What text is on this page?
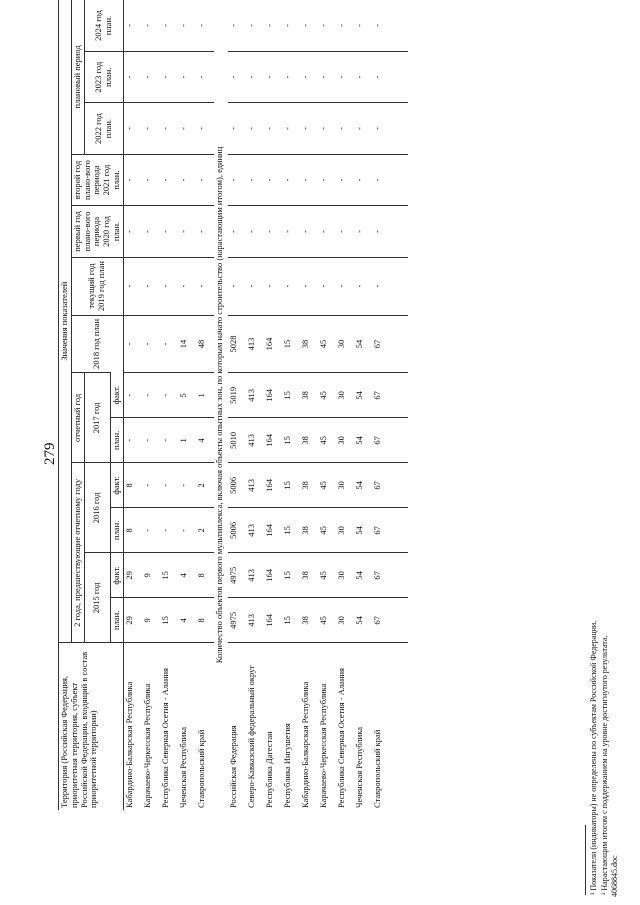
279
Территория (Российская Федерация, приоритетная территория, субъект Российской Федерации, входящий в состав приоритетной территории)	Значения показателей												
	2 года, предшествующие отчетному году				отчетный год		2018 год план	текущий год 2019 год план	первый год плано-вого периода 2020 год план.	второй год плано-вого периода 2021 год план.	плановый период		
	2015 год		2016 год		2017 год						2022 год план.	2023 год план.	2024 год план.
	план.	факт.	план.	факт.	план.	факт.							
Кабардино-Балкарская Республика	29	29	8	8	-	-	-	-	-	-	-	-	-
Карачаево-Черкесская Республика	9	9	-	-	-	-	-	-	-	-	-	-	-
Республика Северная Осетия - Алания	15	15	-	-	-	-	-	-	-	-	-	-	-
Чеченская Республика	4	4	-	-	1	5	14	-	-	-	-	-	-
Ставропольский край	8	8	2	2	4	1	48	-	-	-	-	-	-
Количество объектов первого мультиплекса, включая объекты опытных зон, по которым начато строительство (нарастающим итогом), единиц													
Российская Федерация	4975	4975	5006	5006	5010	5019	5028	-	-	-	-	-	-
Северо-Кавказский федеральный округ	413	413	413	413	413	413	413	-	-	-	-	-	-
Республика Дагестан	164	164	164	164	164	164	164	-	-	-	-	-	-
Республика Ингушетия	15	15	15	15	15	15	15	-	-	-	-	-	-
Кабардино-Балкарская Республика	38	38	38	38	38	38	38	-	-	-	-	-	-
Карачаево-Черкесская Республика	45	45	45	45	45	45	45	-	-	-	-	-	-
Республика Северная Осетия - Алания	30	30	30	30	30	30	30	-	-	-	-	-	-
Чеченская Республика	54	54	54	54	54	54	54	-	-	-	-	-	-
Ставропольский край	67	67	67	67	67	67	67	-	-	-	-	-	-

¹ Показатели (индикаторы) не определены по субъектам Российской Федерации. ² Нарастающим итогом с поддержанием на уровне достигнутого результата. 4068845.doc
